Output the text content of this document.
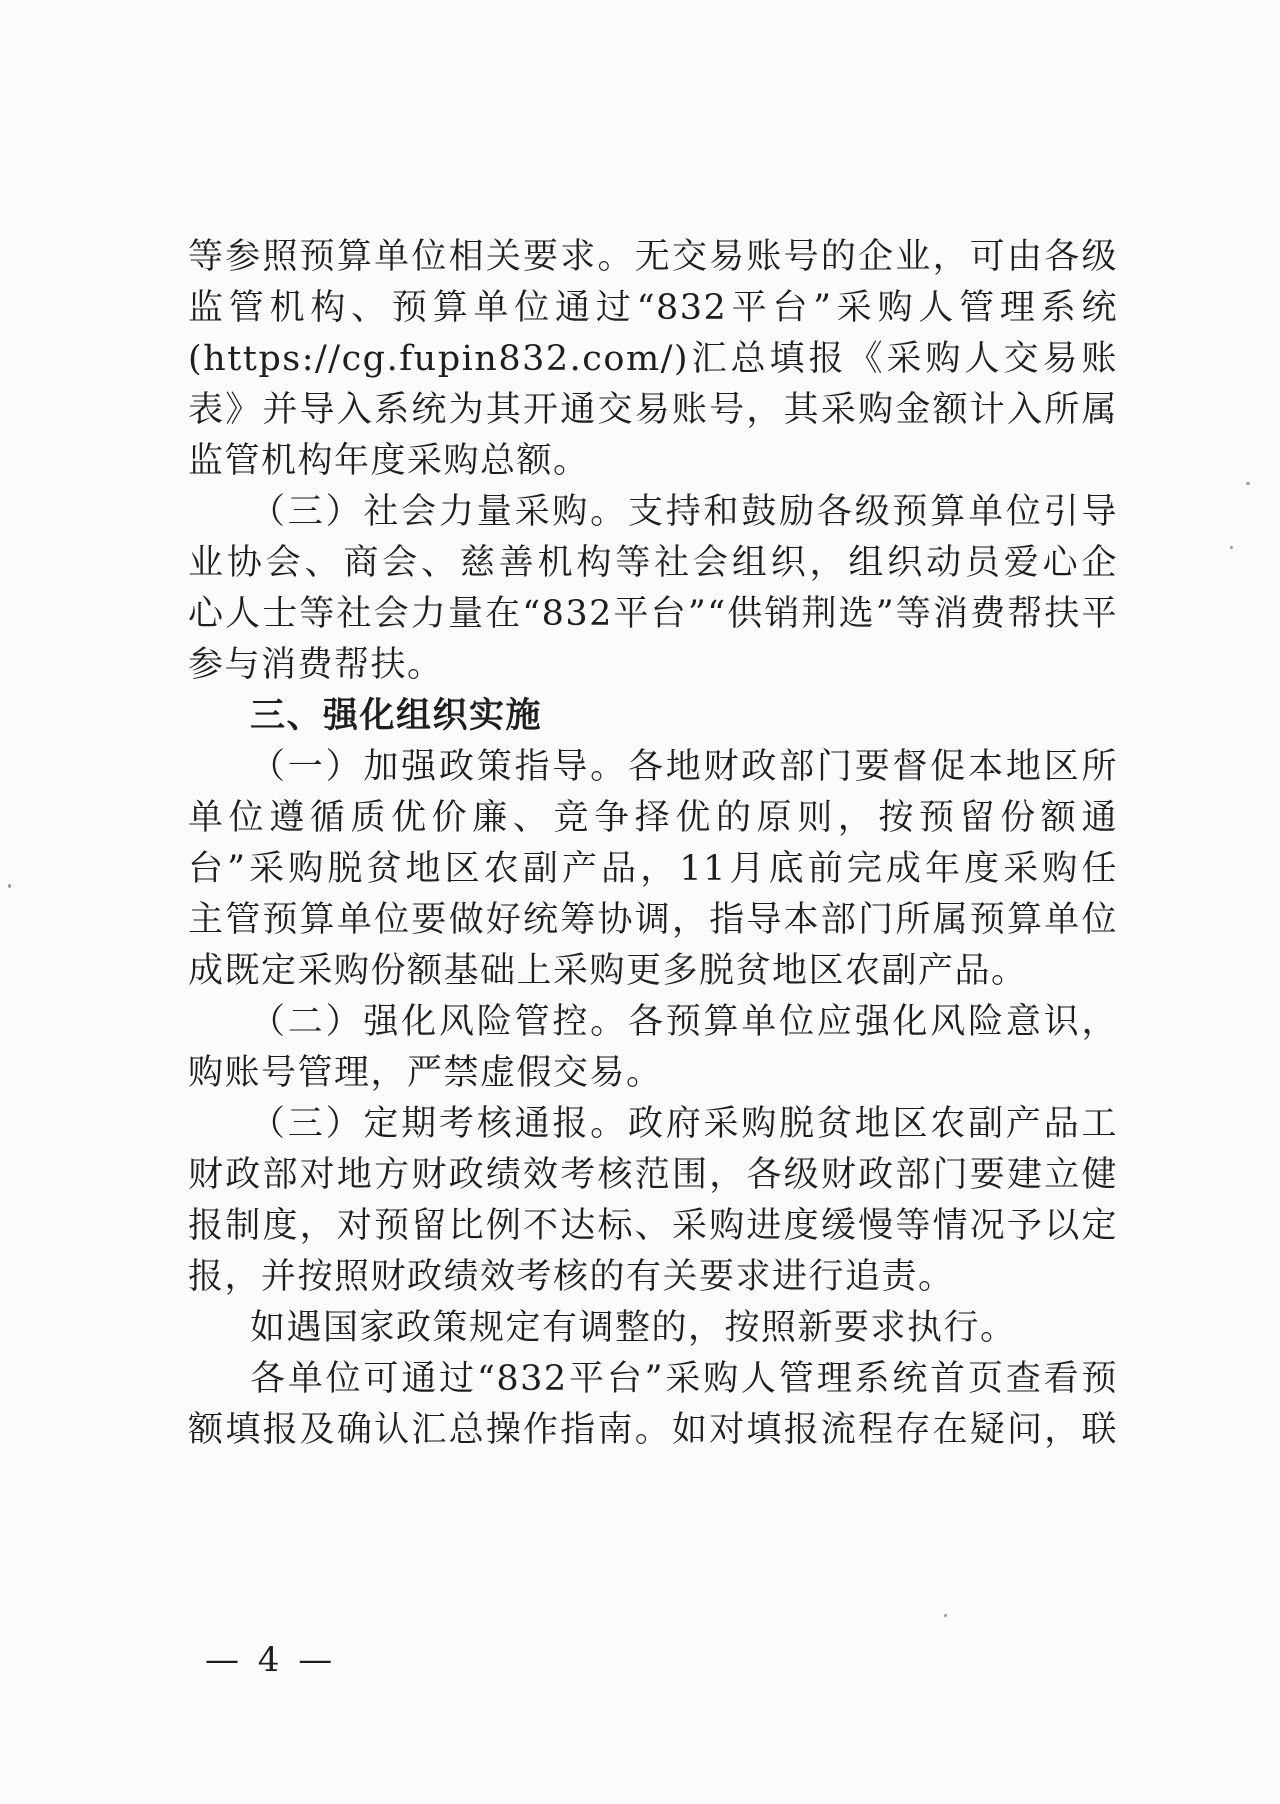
等参照预算单位相关要求。无交易账号的企业，可由各级
监管机构、预算单位通过“832平台”采购人管理系统
(https://cg.fupin832.com/)汇总填报《采购人交易账
表》并导入系统为其开通交易账号，其采购金额计入所属
监管机构年度采购总额。
（三）社会力量采购。支持和鼓励各级预算单位引导
业协会、商会、慈善机构等社会组织，组织动员爱心企
心人士等社会力量在“832平台”“供销荆选”等消费帮扶平
参与消费帮扶。
三、强化组织实施
（一）加强政策指导。各地财政部门要督促本地区所
单位遵循质优价廉、竞争择优的原则，按预留份额通
台”采购脱贫地区农副产品，11月底前完成年度采购任
主管预算单位要做好统筹协调，指导本部门所属预算单位
成既定采购份额基础上采购更多脱贫地区农副产品。
（二）强化风险管控。各预算单位应强化风险意识，
购账号管理，严禁虚假交易。
（三）定期考核通报。政府采购脱贫地区农副产品工
财政部对地方财政绩效考核范围，各级财政部门要建立健
报制度，对预留比例不达标、采购进度缓慢等情况予以定
报，并按照财政绩效考核的有关要求进行追责。
如遇国家政策规定有调整的，按照新要求执行。
各单位可通过“832平台”采购人管理系统首页查看预
额填报及确认汇总操作指南。如对填报流程存在疑问，联
— 4 —
